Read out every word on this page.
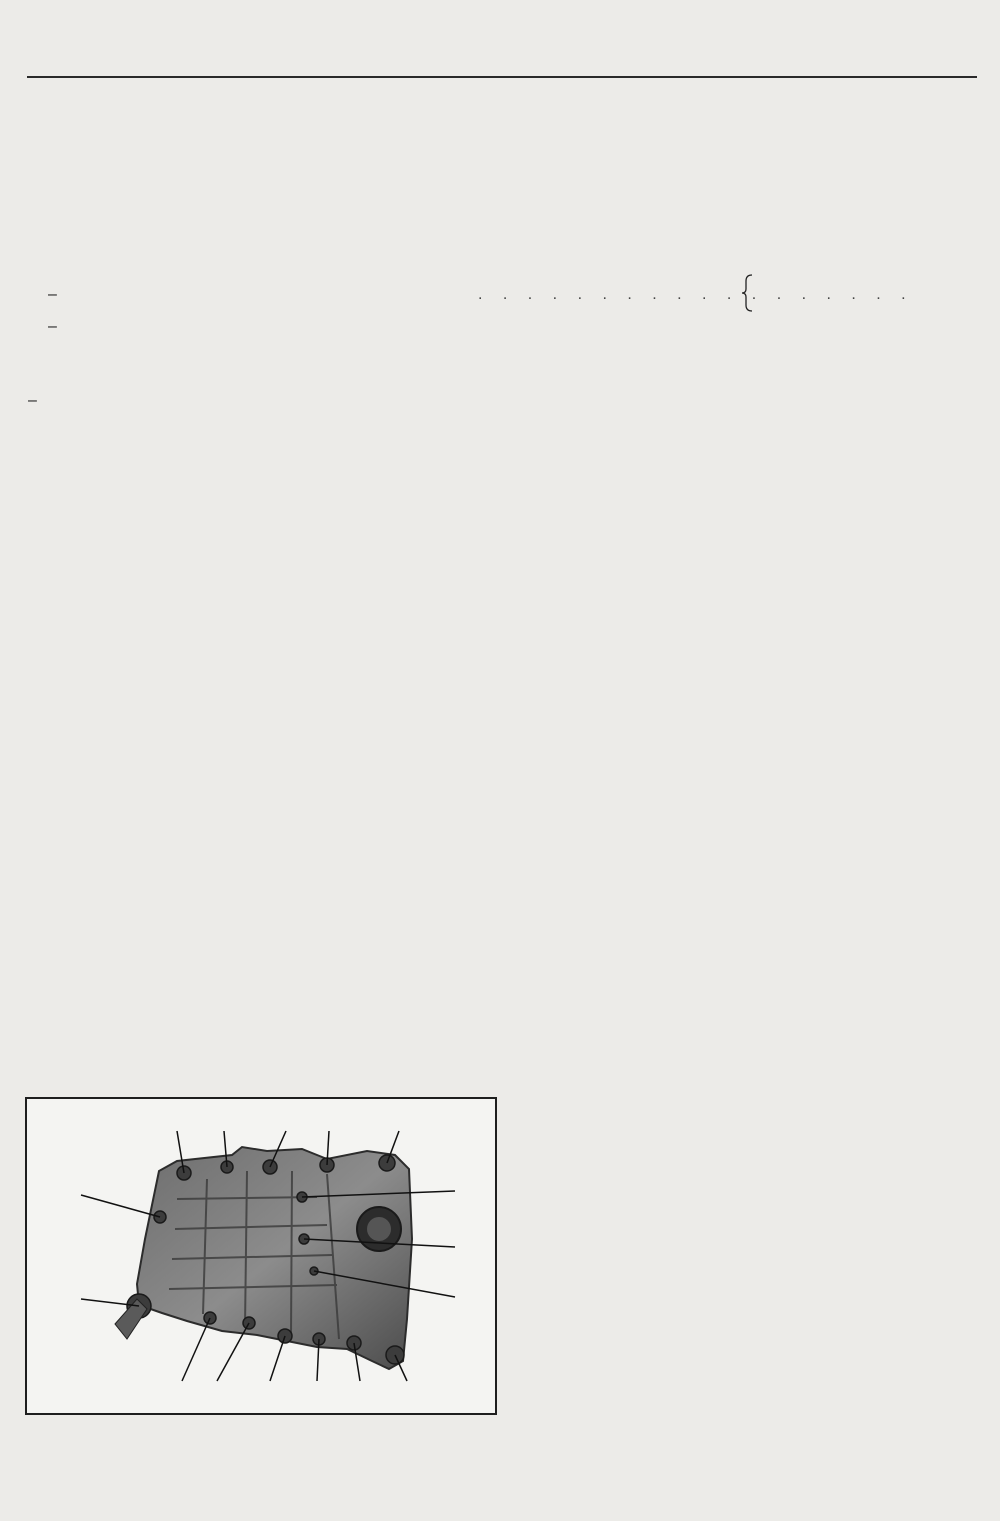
–	. . . . . . . . . . . . . . . . . .
–
–
